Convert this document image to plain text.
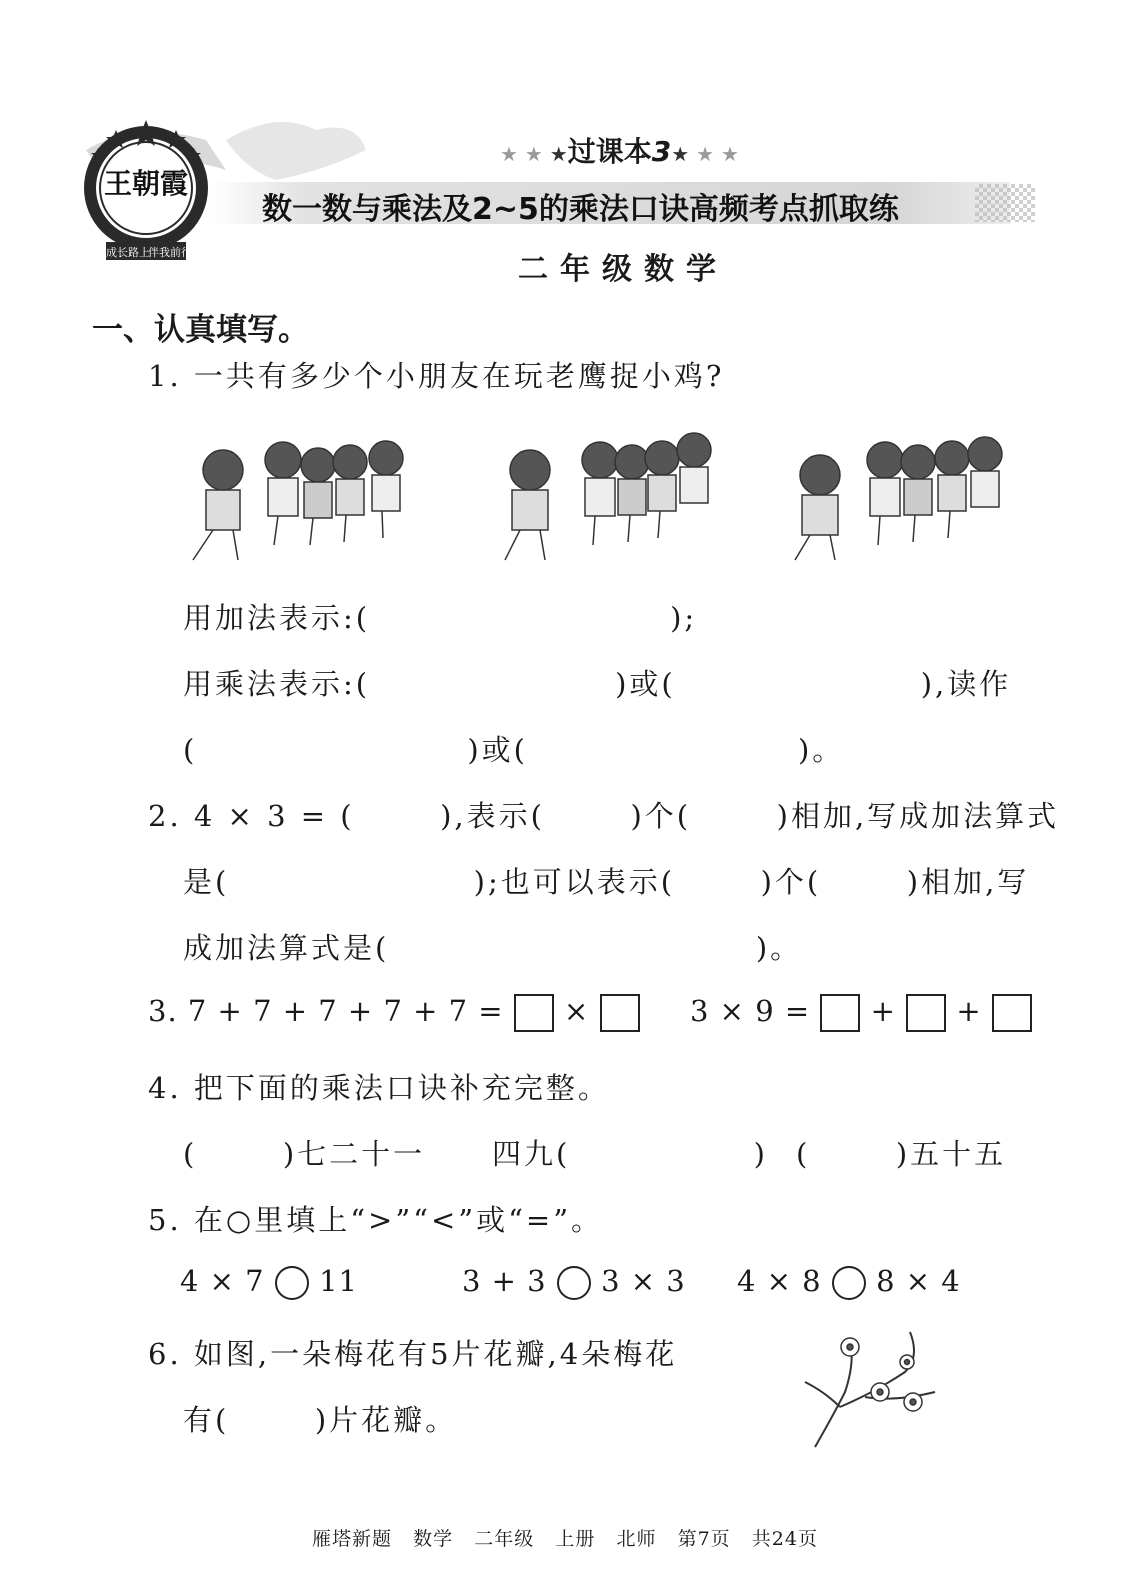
王朝霞
成长路上
伴我前行
★ ★ ★过课本3★ ★ ★
数一数与乘法及2~5的乘法口诀高频考点抓取练
二年级数学
一、认真填写。
1. 一共有多少个小朋友在玩老鹰捉小鸡?
用加法表示:(	);
用乘法表示:(	)或(	),读作
(	)或(	)。
2. 4 × 3 = (       ),表示(       )个(       )相加,写成加法算式
是(                    );也可以表示(       )个(       )相加,写
成加法算式是(                              )。
3. 7 + 7 + 7 + 7 + 7 = ×	3 × 9 = + +
4. 把下面的乘法口诀补充完整。
(       )七二十一 四九(               ) (       )五十五
5. 在○里填上“>”“<”或“=”。
4 × 7 11	3 + 3 3 × 3 4 × 8 8 × 4
6. 如图,一朵梅花有5片花瓣,4朵梅花
有(       )片花瓣。
雁塔新题   数学   二年级   上册   北师   第7页   共24页
